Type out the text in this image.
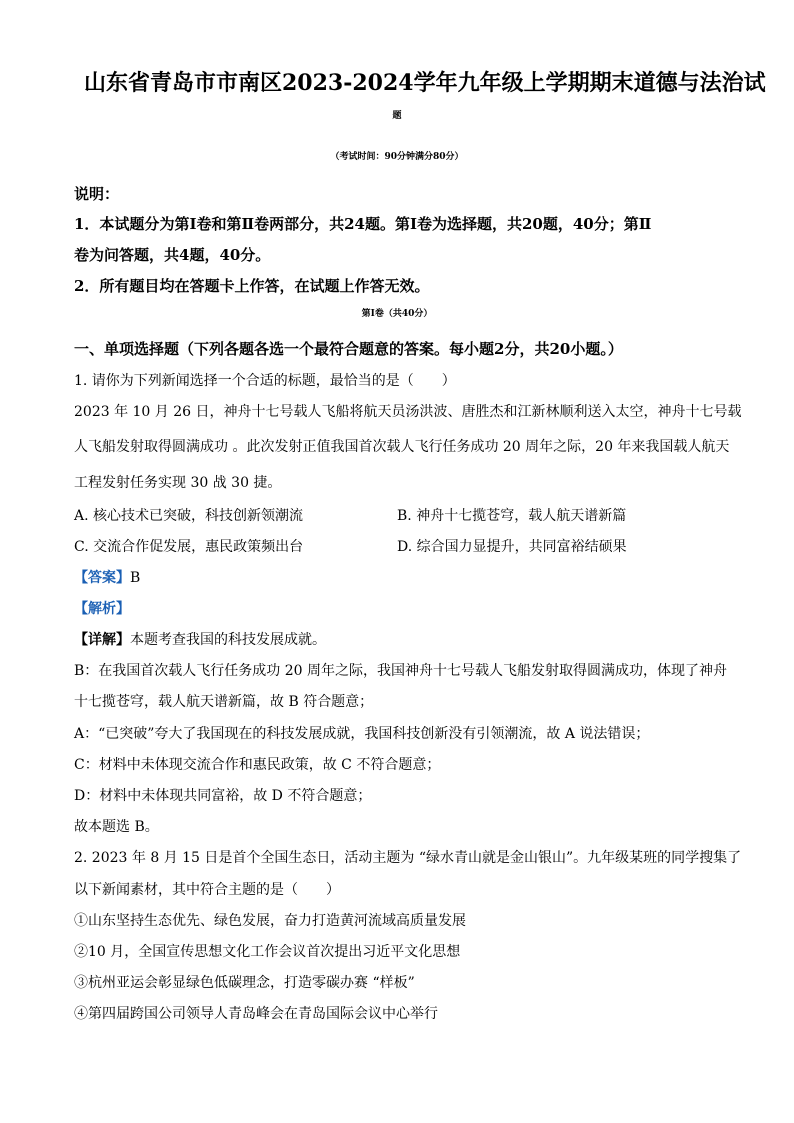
山东省青岛市市南区2023-2024学年九年级上学期期末道德与法治试
题
（考试时间：90分钟满分80分）
说明：
1．本试题分为第Ⅰ卷和第Ⅱ卷两部分，共24题。第Ⅰ卷为选择题，共20题，40分；第Ⅱ
卷为问答题，共4题，40分。
2．所有题目均在答题卡上作答，在试题上作答无效。
第Ⅰ卷（共40分）
一、单项选择题（下列各题各选一个最符合题意的答案。每小题2分，共20小题。）
1. 请你为下列新闻选择一个合适的标题，最恰当的是（　　）
2023 年 10 月 26 日，神舟十七号载人飞船将航天员汤洪波、唐胜杰和江新林顺利送入太空，神舟十七号载
人飞船发射取得圆满成功 。此次发射正值我国首次载人飞行任务成功 20 周年之际，20 年来我国载人航天
工程发射任务实现 30 战 30 捷。
A. 核心技术已突破，科技创新领潮流	B. 神舟十七揽苍穹，载人航天谱新篇
C. 交流合作促发展，惠民政策频出台	D. 综合国力显提升，共同富裕结硕果
【答案】B
【解析】
【详解】本题考查我国的科技发展成就。
B：在我国首次载人飞行任务成功 20 周年之际，我国神舟十七号载人飞船发射取得圆满成功，体现了神舟
十七揽苍穹，载人航天谱新篇，故 B 符合题意；
A：“已突破”夸大了我国现在的科技发展成就，我国科技创新没有引领潮流，故 A 说法错误；
C：材料中未体现交流合作和惠民政策，故 C 不符合题意；
D：材料中未体现共同富裕，故 D 不符合题意；
故本题选 B。
2. 2023 年 8 月 15 日是首个全国生态日，活动主题为 “绿水青山就是金山银山”。九年级某班的同学搜集了
以下新闻素材，其中符合主题的是（　　）
①山东坚持生态优先、绿色发展，奋力打造黄河流域高质量发展
②10 月，全国宣传思想文化工作会议首次提出习近平文化思想
③杭州亚运会彰显绿色低碳理念，打造零碳办赛 “样板”
④第四届跨国公司领导人青岛峰会在青岛国际会议中心举行
